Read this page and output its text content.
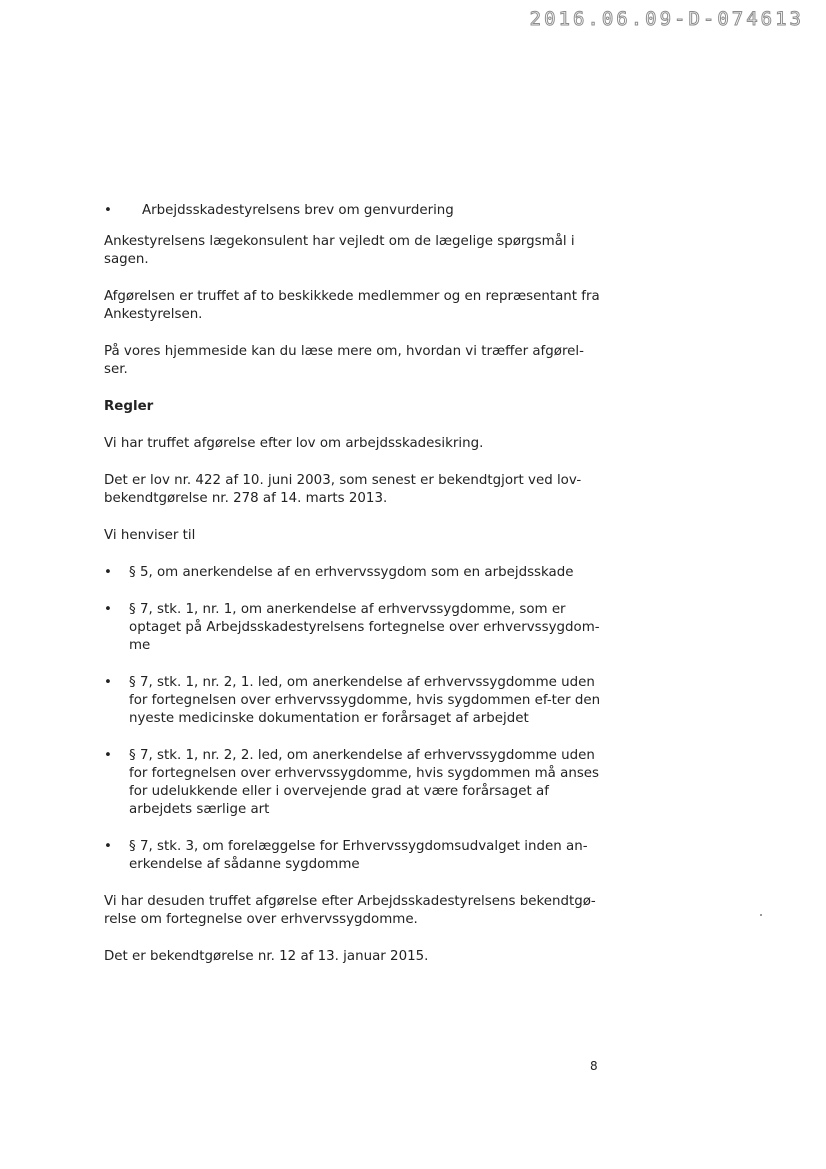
2016.06.09-D-074613
•	Arbejdsskadestyrelsens brev om genvurdering

Ankestyrelsens lægekonsulent har vejledt om de lægelige spørgsmål i sagen.

Afgørelsen er truffet af to beskikkede medlemmer og en repræsentant fra Ankestyrelsen.

På vores hjemmeside kan du læse mere om, hvordan vi træffer afgørel-ser.

Regler

Vi har truffet afgørelse efter lov om arbejdsskadesikring.

Det er lov nr. 422 af 10. juni 2003, som senest er bekendtgjort ved lov-bekendtgørelse nr. 278 af 14. marts 2013.

Vi henviser til

•	§ 5, om anerkendelse af en erhvervssygdom som en arbejdsskade
•	§ 7, stk. 1, nr. 1, om anerkendelse af erhvervssygdomme, som er optaget på Arbejdsskadestyrelsens fortegnelse over erhvervssygdom-me
•	§ 7, stk. 1, nr. 2, 1. led, om anerkendelse af erhvervssygdomme uden for fortegnelsen over erhvervssygdomme, hvis sygdommen ef-ter den nyeste medicinske dokumentation er forårsaget af arbejdet
•	§ 7, stk. 1, nr. 2, 2. led, om anerkendelse af erhvervssygdomme uden for fortegnelsen over erhvervssygdomme, hvis sygdommen må anses for udelukkende eller i overvejende grad at være forårsaget af arbejdets særlige art
•	§ 7, stk. 3, om forelæggelse for Erhvervssygdomsudvalget inden an-erkendelse af sådanne sygdomme

Vi har desuden truffet afgørelse efter Arbejdsskadestyrelsens bekendtgø-relse om fortegnelse over erhvervssygdomme.

Det er bekendtgørelse nr. 12 af 13. januar 2015.

8
